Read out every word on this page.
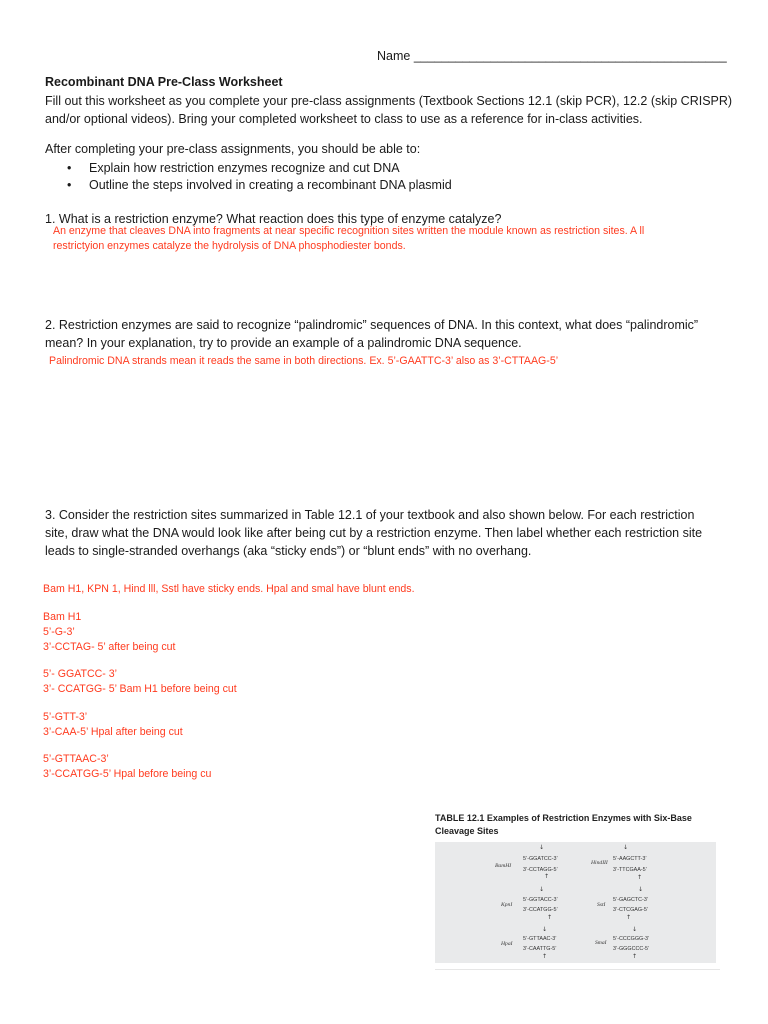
Name _____________________________________________
Recombinant DNA Pre-Class Worksheet
Fill out this worksheet as you complete your pre-class assignments (Textbook Sections 12.1 (skip PCR), 12.2 (skip CRISPR)
and/or optional videos). Bring your completed worksheet to class to use as a reference for in-class activities.
After completing your pre-class assignments, you should be able to:
• Explain how restriction enzymes recognize and cut DNA
• Outline the steps involved in creating a recombinant DNA plasmid
1. What is a restriction enzyme? What reaction does this type of enzyme catalyze?
An enzyme that cleaves DNA into fragments at near specific recognition sites written the module known as restriction sites. A ll
restrictyion enzymes catalyze the hydrolysis of DNA phosphodiester bonds.
2. Restriction enzymes are said to recognize “palindromic” sequences of DNA. In this context, what does “palindromic”
mean? In your explanation, try to provide an example of a palindromic DNA sequence.
Palindromic DNA strands mean it reads the same in both directions. Ex. 5’-GAATTC-3’ also as 3’-CTTAAG-5’
3. Consider the restriction sites summarized in Table 12.1 of your textbook and also shown below. For each restriction
site, draw what the DNA would look like after being cut by a restriction enzyme. Then label whether each restriction site
leads to single-stranded overhangs (aka “sticky ends”) or “blunt ends” with no overhang.
Bam H1, KPN 1, Hind lll, Sstl have sticky ends. Hpal and smal have blunt ends.
Bam H1
5’-G-3’
3’-CCTAG- 5’ after being cut
5’- GGATCC- 3’
3’- CCATGG- 5’ Bam H1 before being cut
5’-GTT-3’
3’-CAA-5’ Hpal after being cut
5’-GTTAAC-3’
3’-CCATGG-5’ Hpal before being cu
TABLE 12.1 Examples of Restriction Enzymes with Six-Base
Cleavage Sites
↓
BamHI
5’-GGATCC-3’
3’-CCTAGG-5’
↑
↓
HindIII
5’-AAGCTT-3’
3’-TTCGAA-5’
↑
↓
KpnI
5’-GGTACC-3’
3’-CCATGG-5’
↑
↓
SstI
5’-GAGCTC-3’
3’-CTCGAG-5’
↑
↓
HpaI
5’-GTTAAC-3’
3’-CAATTG-5’
↑
↓
SmaI
5’-CCCGGG-3’
3’-GGGCCC-5’
↑
